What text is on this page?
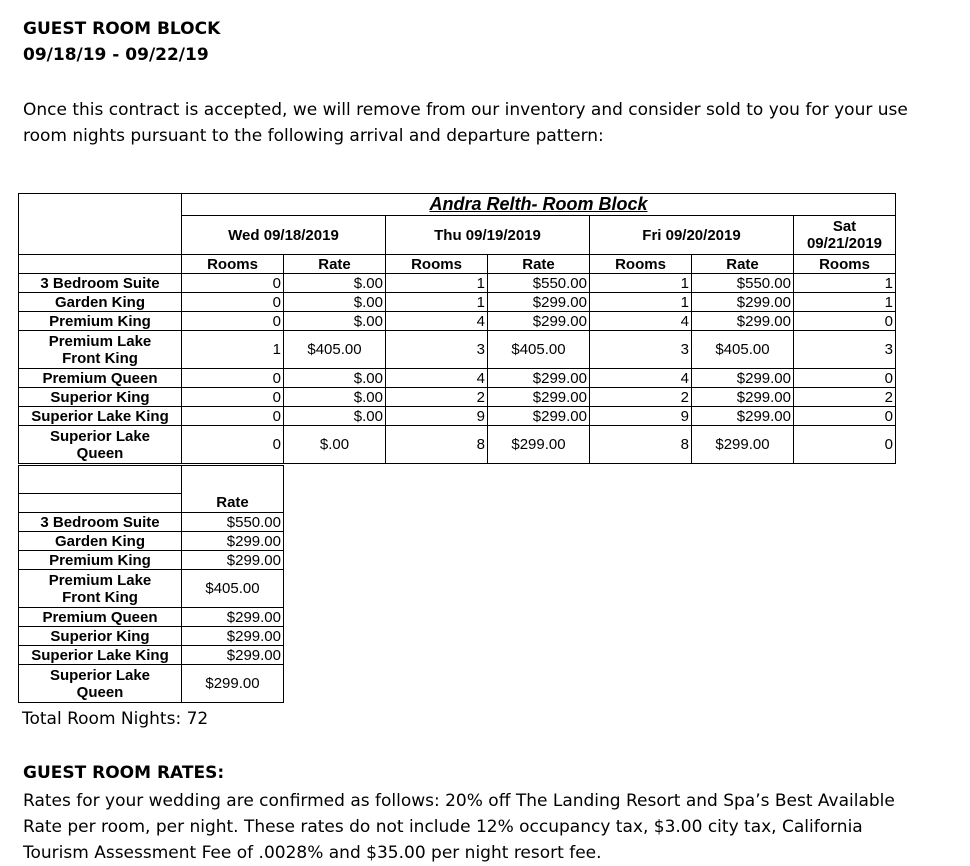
GUEST ROOM BLOCK
09/18/19 - 09/22/19
Once this contract is accepted, we will remove from our inventory and consider sold to you for your use
room nights pursuant to the following arrival and departure pattern:
	Andra Relth- Room Block						
	Wed 09/18/2019		Thu 09/19/2019		Fri 09/20/2019		Sat
09/21/2019

	Rooms	Rate	Rooms	Rate	Rooms	Rate	Rooms
3 Bedroom Suite	0	$.00	1	$550.00	1	$550.00	1
Garden King	0	$.00	1	$299.00	1	$299.00	1
Premium King	0	$.00	4	$299.00	4	$299.00	0

Premium Lake
Front King	1	$405.00	3	$405.00	3	$405.00	3
Premium Queen	0	$.00	4	$299.00	4	$299.00	0
Superior King	0	$.00	2	$299.00	2	$299.00	2
Superior Lake King	0	$.00	9	$299.00	9	$299.00	0

Superior Lake
Queen	0	$.00	8	$299.00	8	$299.00	0

	Rate
3 Bedroom Suite	$550.00
Garden King	$299.00
Premium King	$299.00

Premium Lake
Front King	$405.00
Premium Queen	$299.00
Superior King	$299.00
Superior Lake King	$299.00

Superior Lake
Queen	$299.00
Total Room Nights: 72
GUEST ROOM RATES:
Rates for your wedding are confirmed as follows: 20% off The Landing Resort and Spa’s Best Available
Rate per room, per night. These rates do not include 12% occupancy tax, $3.00 city tax, California
Tourism Assessment Fee of .0028% and $35.00 per night resort fee.
